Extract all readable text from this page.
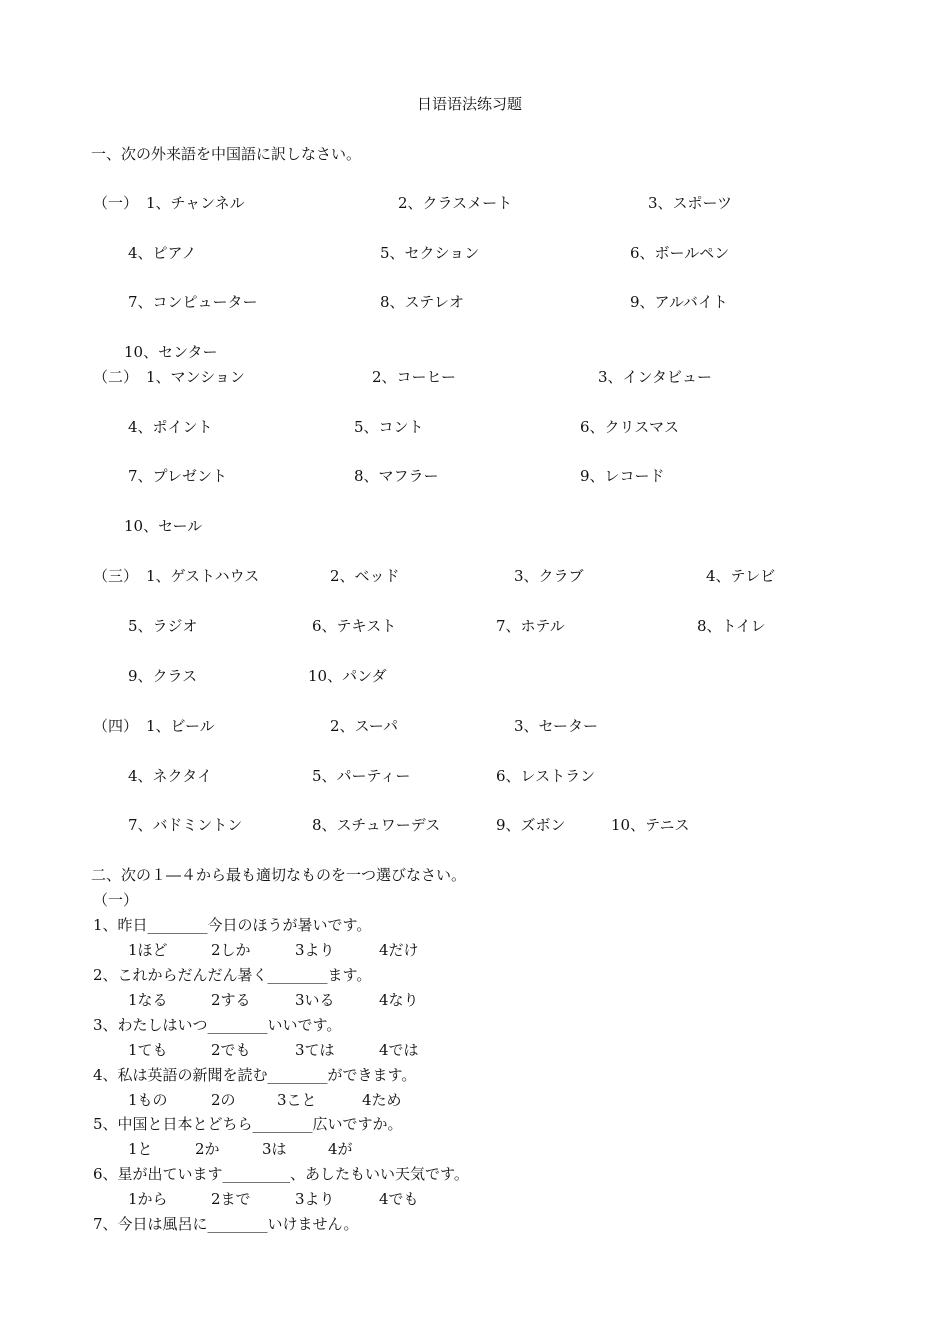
日语语法练习题
一、次の外来語を中国語に訳しなさい。
（一） 1、チャンネル	2、クラスメート	3、スポーツ
4、ピアノ	5、セクション	6、ボールペン
7、コンピューター	8、ステレオ	9、アルバイト
10、センター
（二） 1、マンション	2、コーヒー	3、インタビュー
4、ポイント	5、コント	6、クリスマス
7、プレゼント	8、マフラー	9、レコード
10、セール
（三） 1、ゲストハウス	2、ベッド	3、クラブ	4、テレビ
5、ラジオ	6、テキスト	7、ホテル	8、トイレ
9、クラス	10、パンダ
（四） 1、ビール	2、スーパ	3、セーター
4、ネクタイ	5、パーティー	6、レストラン
7、バドミントン	8、スチュワーデス	9、ズボン	10、テニス
二、次の１―４から最も適切なものを一つ選びなさい。
（一）
1、昨日________今日のほうが暑いです。
1ほど	2しか	3より	4だけ
2、これからだんだん暑く________ます。
1なる	2する	3いる	4なり
3、わたしはいつ________いいです。
1ても	2でも	3ては	4では
4、私は英語の新聞を読む________ができます。
1もの	2の	3こと	4ため
5、中国と日本とどちら________広いですか。
1と	2か	3は	4が
6、星が出ています_________、あしたもいい天気です。
1から	2まで	3より	4でも
7、今日は風呂に________いけません。
